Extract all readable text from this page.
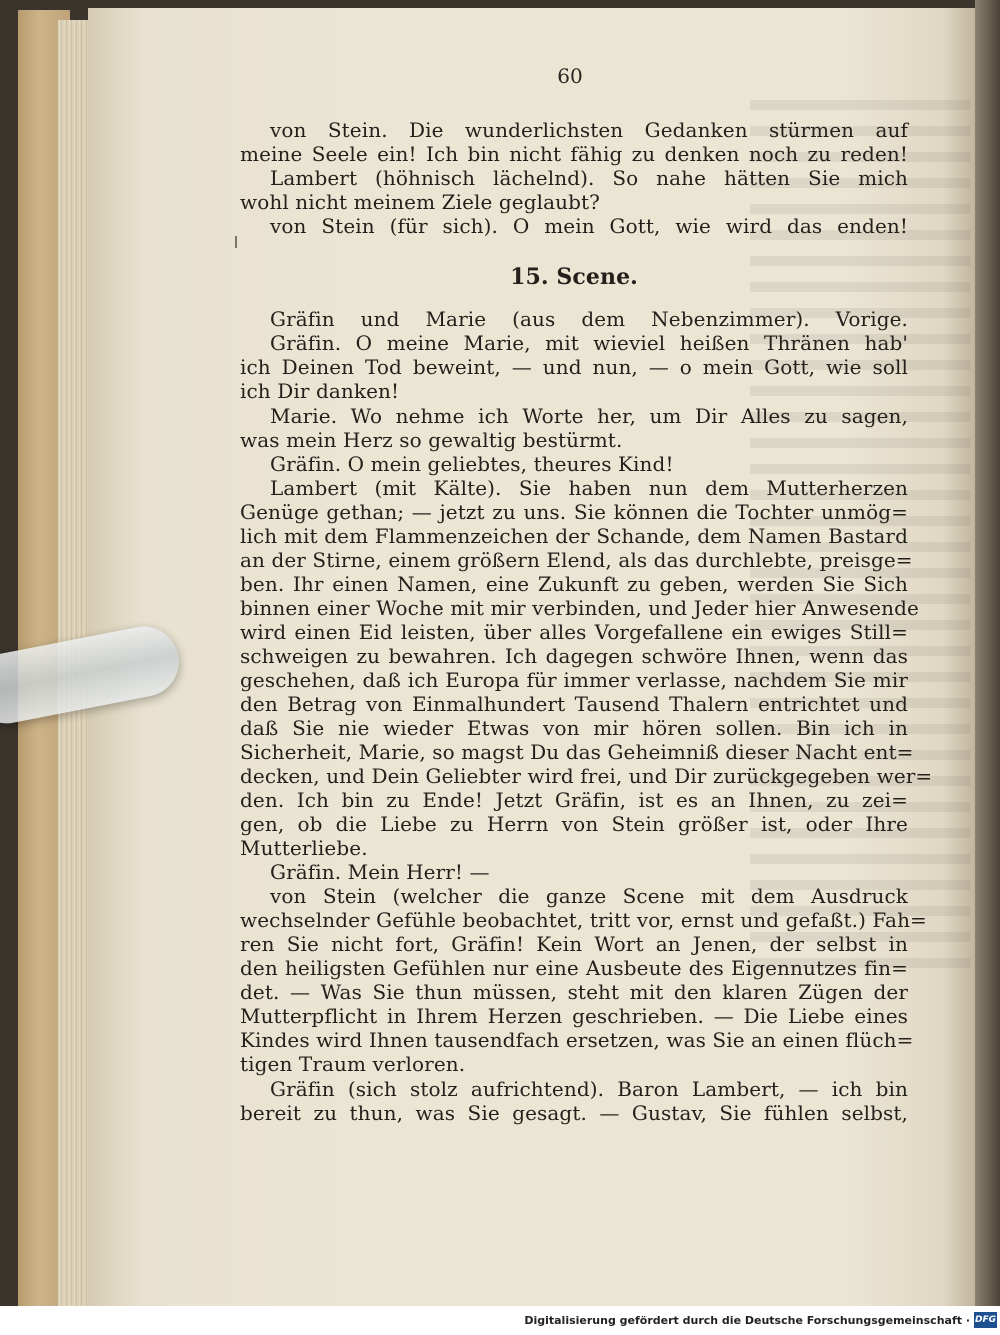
60
von Stein. Die wunderlichsten Gedanken stürmen auf
meine Seele ein! Ich bin nicht fähig zu denken noch zu reden!
Lambert (höhnisch lächelnd). So nahe hätten Sie mich
wohl nicht meinem Ziele geglaubt?
von Stein (für sich). O mein Gott, wie wird das enden!
15. Scene.
Gräfin und Marie (aus dem Nebenzimmer). Vorige.
Gräfin. O meine Marie, mit wieviel heißen Thränen hab'
ich Deinen Tod beweint, — und nun, — o mein Gott, wie soll
ich Dir danken!
Marie. Wo nehme ich Worte her, um Dir Alles zu sagen,
was mein Herz so gewaltig bestürmt.
Gräfin. O mein geliebtes, theures Kind!
Lambert (mit Kälte). Sie haben nun dem Mutterherzen
Genüge gethan; — jetzt zu uns. Sie können die Tochter unmög=
lich mit dem Flammenzeichen der Schande, dem Namen Bastard
an der Stirne, einem größern Elend, als das durchlebte, preisge=
ben. Ihr einen Namen, eine Zukunft zu geben, werden Sie Sich
binnen einer Woche mit mir verbinden, und Jeder hier Anwesende
wird einen Eid leisten, über alles Vorgefallene ein ewiges Still=
schweigen zu bewahren. Ich dagegen schwöre Ihnen, wenn das
geschehen, daß ich Europa für immer verlasse, nachdem Sie mir
den Betrag von Einmalhundert Tausend Thalern entrichtet und
daß Sie nie wieder Etwas von mir hören sollen. Bin ich in
Sicherheit, Marie, so magst Du das Geheimniß dieser Nacht ent=
decken, und Dein Geliebter wird frei, und Dir zurückgegeben wer=
den. Ich bin zu Ende! Jetzt Gräfin, ist es an Ihnen, zu zei=
gen, ob die Liebe zu Herrn von Stein größer ist, oder Ihre
Mutterliebe.
Gräfin. Mein Herr! —
von Stein (welcher die ganze Scene mit dem Ausdruck
wechselnder Gefühle beobachtet, tritt vor, ernst und gefaßt.) Fah=
ren Sie nicht fort, Gräfin! Kein Wort an Jenen, der selbst in
den heiligsten Gefühlen nur eine Ausbeute des Eigennutzes fin=
det. — Was Sie thun müssen, steht mit den klaren Zügen der
Mutterpflicht in Ihrem Herzen geschrieben. — Die Liebe eines
Kindes wird Ihnen tausendfach ersetzen, was Sie an einen flüch=
tigen Traum verloren.
Gräfin (sich stolz aufrichtend). Baron Lambert, — ich bin
bereit zu thun, was Sie gesagt. — Gustav, Sie fühlen selbst,
Digitalisierung gefördert durch die Deutsche Forschungsgemeinschaft · DFG
